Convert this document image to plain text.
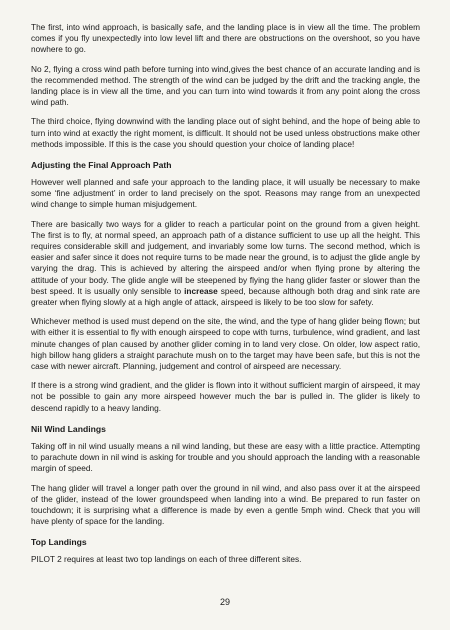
The first, into wind approach, is basically safe, and the landing place is in view all the time. The problem comes if you fly unexpectedly into low level lift and there are obstructions on the overshoot, so you have nowhere to go.

No 2, flying a cross wind path before turning into wind,gives the best chance of an accurate landing and is the recommended method. The strength of the wind can be judged by the drift and the tracking angle, the landing place is in view all the time, and you can turn into wind towards it from any point along the cross wind path.

The third choice, flying downwind with the landing place out of sight behind, and the hope of being able to turn into wind at exactly the right moment, is difficult. It should not be used unless obstructions make other methods impossible. If this is the case you should question your choice of landing place!

Adjusting the Final Approach Path

However well planned and safe your approach to the landing place, it will usually be necessary to make some ‘fine adjustment’ in order to land precisely on the spot. Reasons may range from an unexpected wind change to simple human misjudgement.

There are basically two ways for a glider to reach a particular point on the ground from a given height. The first is to fly, at normal speed, an approach path of a distance sufficient to use up all the height. This requires considerable skill and judgement, and invariably some low turns. The second method, which is easier and safer since it does not require turns to be made near the ground, is to adjust the glide angle by varying the drag. This is achieved by altering the airspeed and/or when flying prone by altering the attitude of your body. The glide angle will be steepened by flying the hang glider faster or slower than the best speed. It is usually only sensible to increase speed, because although both drag and sink rate are greater when flying slowly at a high angle of attack, airspeed is likely to be too slow for safety.

Whichever method is used must depend on the site, the wind, and the type of hang glider being flown; but with either it is essential to fly with enough airspeed to cope with turns, turbulence, wind gradient, and last minute changes of plan caused by another glider coming in to land very close. On older, low aspect ratio, high billow hang gliders a straight parachute mush on to the target may have been safe, but this is not the case with newer aircraft. Planning, judgement and control of airspeed are necessary.

If there is a strong wind gradient, and the glider is flown into it without sufficient margin of airspeed, it may not be possible to gain any more airspeed however much the bar is pulled in. The glider is likely to descend rapidly to a heavy landing.

Nil Wind Landings

Taking off in nil wind usually means a nil wind landing, but these are easy with a little practice. Attempting to parachute down in nil wind is asking for trouble and you should approach the landing with a reasonable margin of speed.

The hang glider will travel a longer path over the ground in nil wind, and also pass over it at the airspeed of the glider, instead of the lower groundspeed when landing into a wind. Be prepared to run faster on touchdown; it is surprising what a difference is made by even a gentle 5mph wind. Check that you will have plenty of space for the landing.

Top Landings

PILOT 2 requires at least two top landings on each of three different sites.

29
